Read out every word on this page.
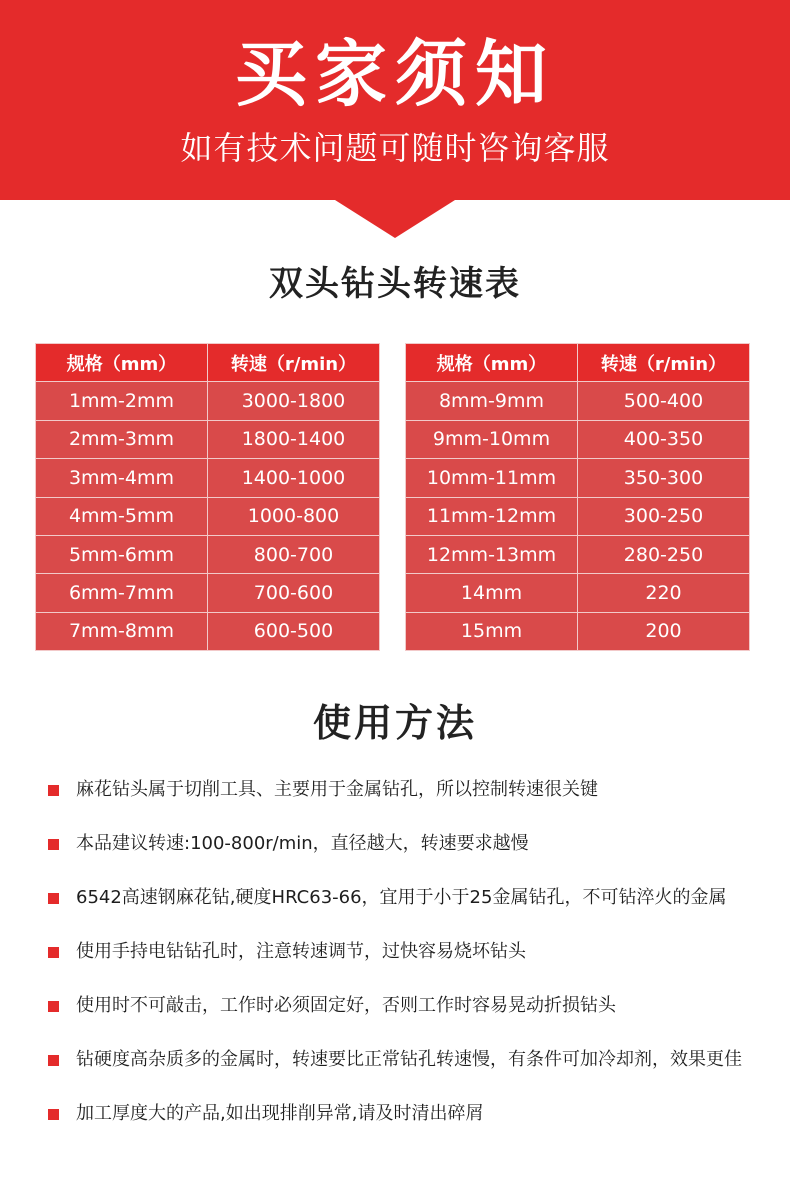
买家须知
如有技术问题可随时咨询客服
双头钻头转速表
规格（mm）	转速（r/min）
1mm-2mm	3000-1800
2mm-3mm	1800-1400
3mm-4mm	1400-1000
4mm-5mm	1000-800
5mm-6mm	800-700
6mm-7mm	700-600
7mm-8mm	600-500
规格（mm）	转速（r/min）
8mm-9mm	500-400
9mm-10mm	400-350
10mm-11mm	350-300
11mm-12mm	300-250
12mm-13mm	280-250
14mm	220
15mm	200
使用方法
麻花钻头属于切削工具、主要用于金属钻孔，所以控制转速很关键
本品建议转速:100-800r/min，直径越大，转速要求越慢
6542高速钢麻花钻,硬度HRC63-66，宜用于小于25金属钻孔，不可钻淬火的金属
使用手持电钻钻孔时，注意转速调节，过快容易烧坏钻头
使用时不可敲击，工作时必须固定好，否则工作时容易晃动折损钻头
钻硬度高杂质多的金属时，转速要比正常钻孔转速慢，有条件可加冷却剂，效果更佳
加工厚度大的产品,如出现排削异常,请及时清出碎屑
